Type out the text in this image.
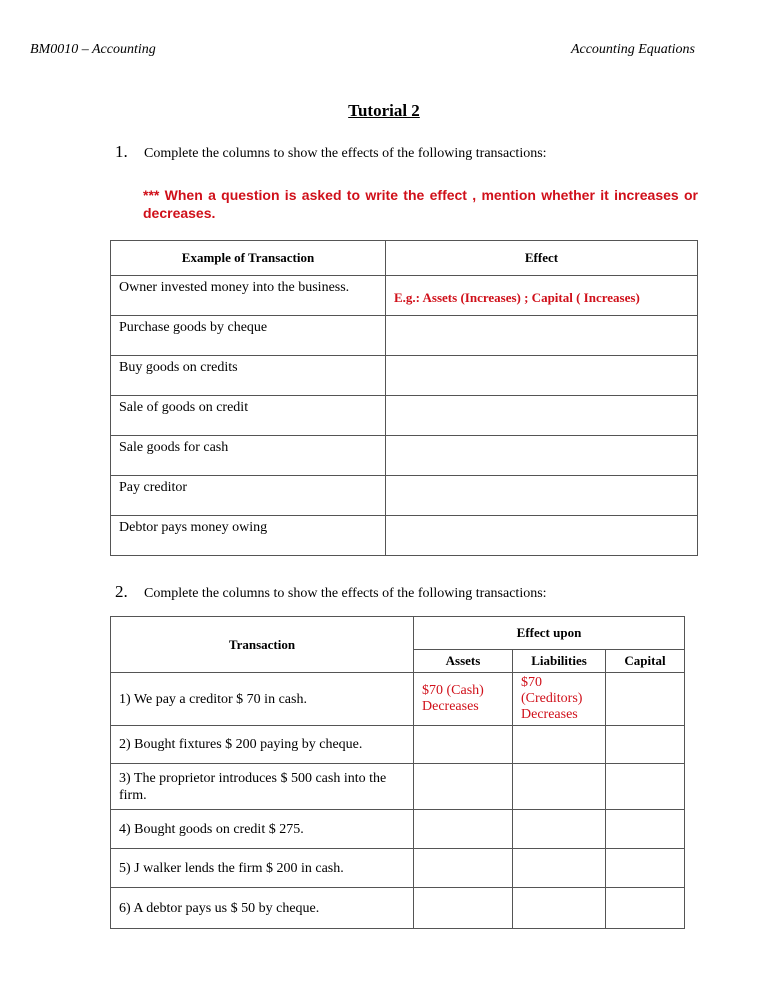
BM0010 – Accounting	Accounting Equations
Tutorial 2
1. Complete the columns to show the effects of the following transactions:
*** When a question is asked to write the effect , mention whether it increases or decreases.
Example of Transaction	Effect
Owner invested money into the business.	E.g.: Assets (Increases) ; Capital ( Increases)
Purchase goods by cheque	
Buy goods on credits	
Sale of goods on credit	
Sale goods for cash	
Pay creditor	
Debtor pays money owing	
2. Complete the columns to show the effects of the following transactions:
Transaction	Effect upon		
	Assets	Liabilities	Capital
1) We pay a creditor $ 70 in cash.	$70 (Cash) Decreases	$70 (Creditors) Decreases	
2) Bought fixtures $ 200 paying by cheque.			
3) The proprietor introduces $ 500 cash into the firm.			
4) Bought goods on credit $ 275.			
5) J walker lends the firm $ 200 in cash.			
6) A debtor pays us $ 50 by cheque.			
